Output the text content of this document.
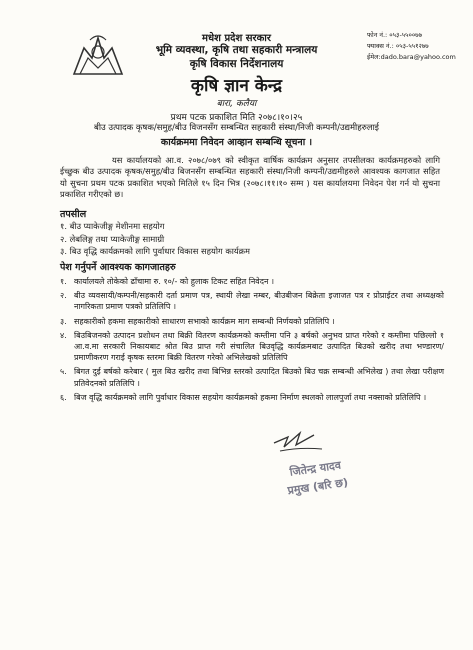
मधेश प्रदेश सरकार
भूमि व्यवस्था, कृषि तथा सहकारी मन्त्रालय
कृषि विकास निर्देशनालय
कृषि ज्ञान केन्द्र
बारा, कलैया
प्रथम पटक प्रकाशित मिति २०७८।१०।२५
बीउ उत्पादक कृषक/समुह/बीउ विजनसँग सम्बन्धित सहकारी संस्था/निजी कम्पनी/उद्यमीहरुलाई
कार्यक्रममा निवेदन आव्हान सम्बन्धि सूचना ।
फोन नं.: ०५३-५५००७७
फ्याक्स नं.: ०५३-५५१२७७
ईमेल:dado.bara@yahoo.com
यस कार्यालयको आ.व. २०७८/०७९ को स्वीकृत वार्षिक कार्यक्रम अनुसार तपसीलका कार्यक्रमहरुको लागि ईच्छुक बीउ उत्पादक कृषक/समुह/बीउ बिजनसँग सम्बन्धित सहकारी संस्था/निजी कम्पनी/उद्यमीहरुले आवश्यक कागजात सहित यो सुचना प्रथम पटक प्रकाशित भएको मितिले १५ दिन भित्र (२०७८।११।१० सम्म ) यस कार्यालयमा निवेदन पेश गर्न यो सुचना प्रकाशित गरीएको छ।
तपसील
१. बीउ प्याकेजीङ्ग मेशीनमा सहयोग
२. लेबलिङ्ग तथा प्याकेजीङ्ग सामाग्री
३. बिउ वृद्धि कार्यक्रमको लागि पुर्वाधार विकास सहयोग कार्यक्रम
पेश गर्नुपर्ने आवश्यक कागजातहरु
१. कार्यालयले तोकेको ढाँचामा रु. १०/- को हुलाक टिकट सहित निवेदन ।
२. बीउ व्यवसायी/कम्पनी/सहकारी दर्ता प्रमाण पत्र, स्थायी लेखा नम्बर, बीउबीजन बिक्रेता इजाजत पत्र र प्रोप्राईटर तथा अध्यक्षको नागरिकता प्रमाण पत्रको प्रतिलिपि ।
३. सहकारीको हकमा सहकारीको साधारण सभाको कार्यक्रम माग सम्बन्धी निर्णयको प्रतिलिपि ।
४. बिउबिजनको उत्पादन प्रशोधन तथा बिक्री वितरण कार्यक्रमको कम्तीमा पनि ३ बर्षको अनुभव प्राप्त गरेको र कम्तीमा पछिल्लो १ आ.व.मा सरकारी निकायबाट श्रोत बिउ प्राप्त गरी संचालित बिउवृद्धि कार्यक्रमबाट उत्पादित बिउको खरीद तथा भण्डारण/प्रमाणीकरण गराई कृषक स्तरमा बिक्री वितरण गरेको अभिलेखको प्रतिलिपि
५. बिगत दुई बर्षको करेबार ( मुल बिउ खरीद तथा बिभिन्न स्तरको उत्पादित बिउको बिउ चक्र सम्बन्धी अभिलेख ) तथा लेखा परीक्षण प्रतिवेदनको प्रतिलिपि ।
६. बिज वृद्धि कार्यक्रमको लागि पुर्वाधार विकास सहयोग कार्यक्रमको हकमा निर्माण स्थलको लालपुर्जा तथा नक्साको प्रतिलिपि ।
जितेन्द्र यादव
प्रमुख (बरि छ)
